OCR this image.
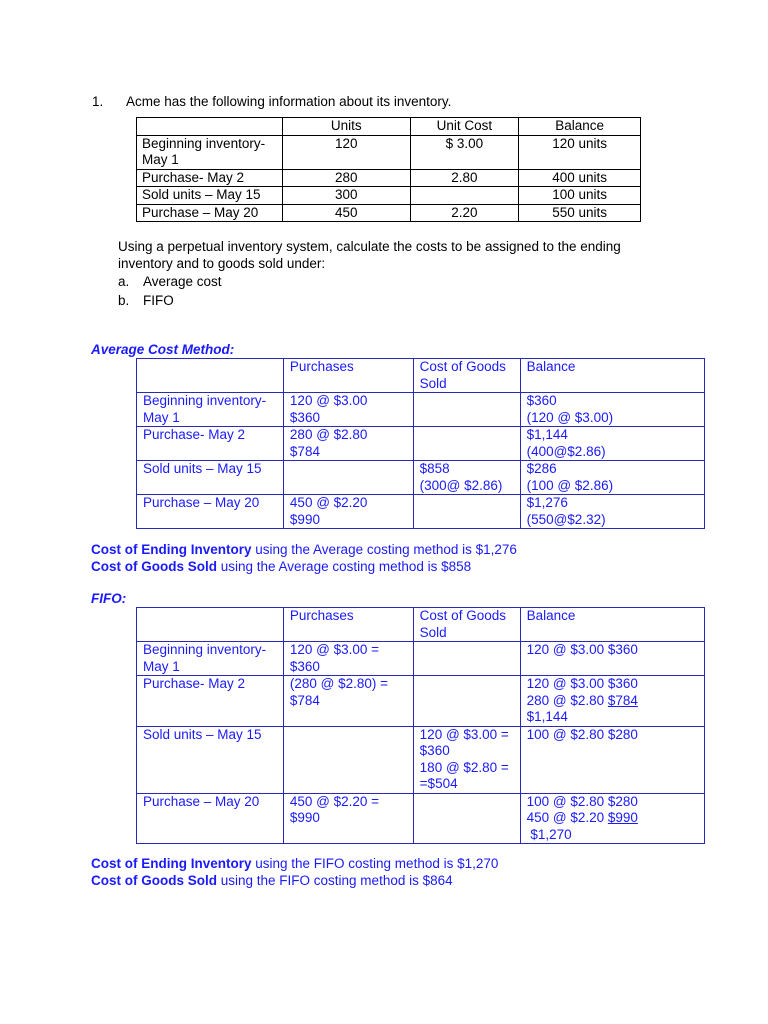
1. Acme has the following information about its inventory.
	Units	Unit Cost	Balance

Beginning inventory-
May 1	120	$ 3.00	120 units
Purchase- May 2	280	2.80	400 units
Sold units – May 15	300		100 units
Purchase – May 20	450	2.20	550 units
Using a perpetual inventory system, calculate the costs to be assigned to the ending
inventory and to goods sold under:
a. Average cost
b. FIFO
Average Cost Method:
	Purchases	Cost of Goods
Sold	Balance

Beginning inventory-
May 1	120 @ $3.00
$360		$360
(120 @ $3.00)

Purchase- May 2	280 @ $2.80
$784		$1,144
(400@$2.86)

Sold units – May 15		$858
(300@ $2.86)	$286
(100 @ $2.86)

Purchase – May 20	450 @ $2.20
$990		$1,276
(550@$2.32)
Cost of Ending Inventory using the Average costing method is $1,276
Cost of Goods Sold using the Average costing method is $858
FIFO:
	Purchases	Cost of Goods
Sold	Balance

Beginning inventory-
May 1	120 @ $3.00 =
$360		120 @ $3.00 $360

Purchase- May 2	(280 @ $2.80) =
$784		120 @ $3.00 $360
280 @ $2.80 $784
$1,144

Sold units – May 15		120 @ $3.00 =
$360
180 @ $2.80 =
=$504	100 @ $2.80 $280

Purchase – May 20	450 @ $2.20 =
$990		100 @ $2.80 $280
450 @ $2.20 $990
$1,270
Cost of Ending Inventory using the FIFO costing method is $1,270
Cost of Goods Sold using the FIFO costing method is $864
